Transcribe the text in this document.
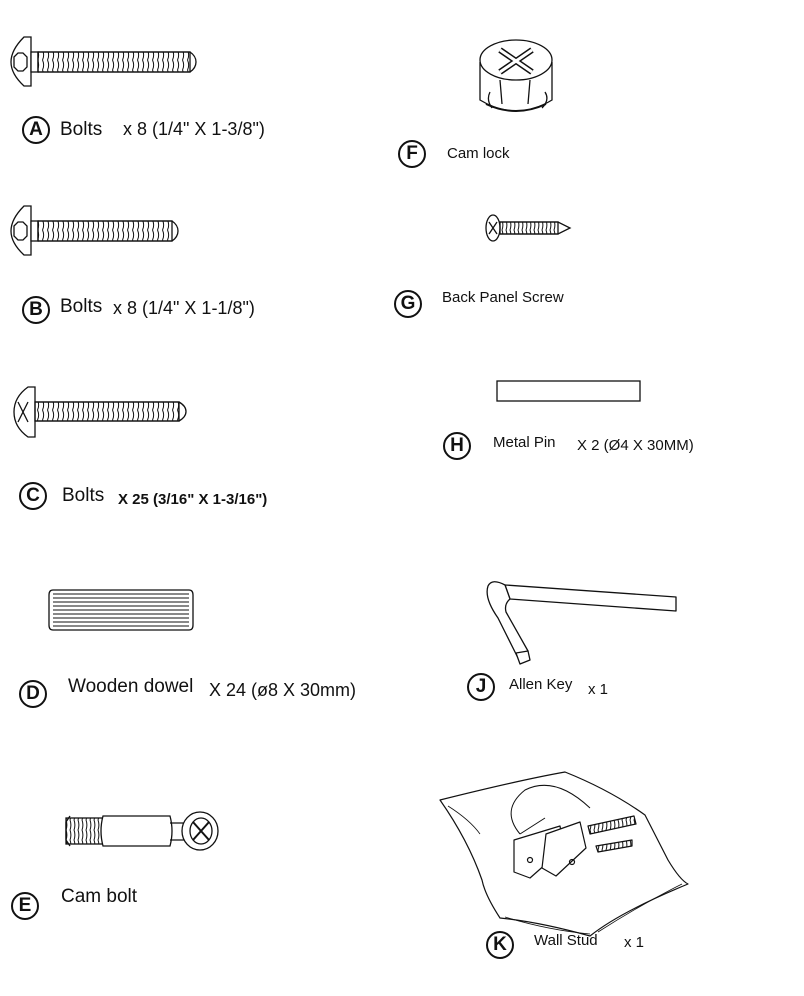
A Bolts x 8 (1/4" X 1-3/8")
B Bolts x 8 (1/4" X 1-1/8")
C	Bolts X 25 (3/16" X 1-3/16")
D	Wooden dowel X 24 (ø8 X 30mm)
E	Cam bolt
F	Cam lock
G	Back Panel Screw
H	Metal Pin X 2 (Ø4 X 30MM)
J	Allen Key x 1
K	Wall Stud x 1
